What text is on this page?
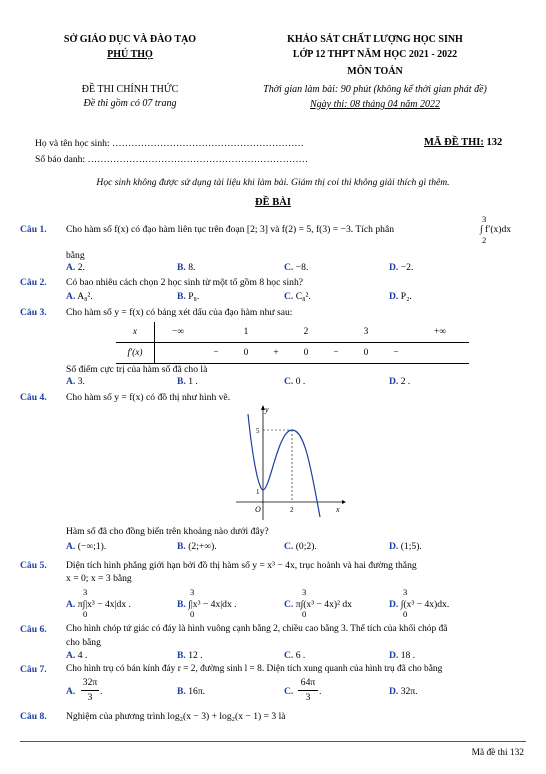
SỞ GIÁO DỤC VÀ ĐÀO TẠO
PHÚ THỌ
ĐỀ THI CHÍNH THỨC
Đề thi gồm có 07 trang
KHẢO SÁT CHẤT LƯỢNG HỌC SINH
LỚP 12 THPT NĂM HỌC 2021 - 2022
MÔN TOÁN
Thời gian làm bài: 90 phút (không kể thời gian phát đề)
Ngày thi: 08 tháng 04 năm 2022
Họ và tên học sinh: ……………………………………………………
Số báo danh: ……………………………………………………………
MÃ ĐỀ THI: 132
Học sinh không được sử dụng tài liệu khi làm bài. Giám thị coi thi không giải thích gì thêm.
ĐỀ BÀI
Câu 1. Cho hàm số f(x) có đạo hàm liên tục trên đoạn [2; 3] và f(2) = 5, f(3) = −3. Tích phân
3
∫ f′(x)dx
2
bằng
A. 2.	B. 8.	C. −8.	D. −2.
Câu 2. Có bao nhiêu cách chọn 2 học sinh từ một tổ gồm 8 học sinh?
A. A₈².	B. P₈.	C. C₈².	D. P₂.
Câu 3. Cho hàm số y = f(x) có bảng xét dấu của đạo hàm như sau:
x	−∞		1		2		3		+∞
f′(x)		−	0	+	0	−	0	−	
Số điểm cực trị của hàm số đã cho là
A. 3.	B. 1 .	C. 0 .	D. 2 .
Câu 4. Cho hàm số y = f(x) có đồ thị như hình vẽ.
y
x
O
5
1
2
Hàm số đã cho đồng biến trên khoảng nào dưới đây?
A. (−∞;1).	B. (2;+∞).	C. (0;2).	D. (1;5).
Câu 5. Diện tích hình phẳng giới hạn bởi đồ thị hàm số y = x³ − 4x, trục hoành và hai đường thẳng
x = 0; x = 3 bằng
3
0
A. π∫|x³ − 4x|dx .
3
0
B. ∫|x³ − 4x|dx .
3
0
C. π∫(x³ − 4x)² dx
3
0
D. ∫(x³ − 4x)dx.
Câu 6. Cho hình chóp tứ giác có đáy là hình vuông cạnh bằng 2, chiều cao bằng 3. Thể tích của khối chóp đã
cho bằng
A. 4 .	B. 12 .	C. 6 .	D. 18 .
Câu 7. Cho hình trụ có bán kính đáy r = 2, đường sinh l = 8. Diện tích xung quanh của hình trụ đã cho bằng
A.
32π
3
.	B. 16π.	C.
64π
3
.	D. 32π.
Câu 8. Nghiệm của phương trình log₂(x − 3) + log₂(x − 1) = 3 là
Mã đề thi 132
